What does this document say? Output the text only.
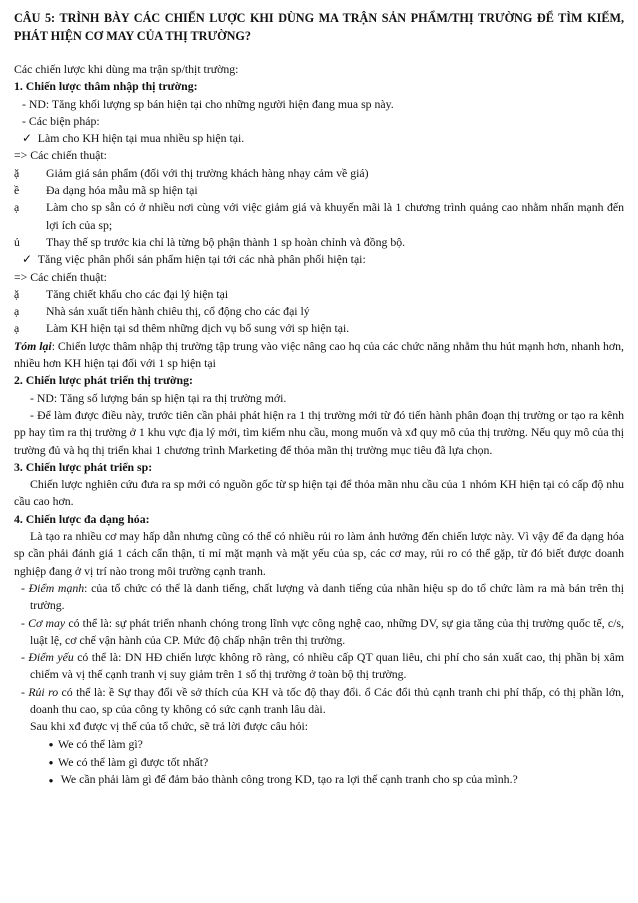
CÂU 5: TRÌNH BÀY CÁC CHIẾN LƯỢC KHI DÙNG MA TRẬN SẢN PHẨM/THỊ TRƯỜNG ĐỂ TÌM KIẾM, PHÁT HIỆN CƠ MAY CỦA THỊ TRƯỜNG?

Các chiến lược khi dùng ma trận sp/thịt trường:

1. Chiến lược thâm nhập thị trường:

- ND: Tăng khối lượng sp bán hiện tại cho những người hiện đang mua sp này.

- Các biện pháp:

✓ Làm cho KH hiện tại mua nhiều sp hiện tại.

=> Các chiến thuật:

ặ Giảm giá sản phẩm (đối với thị trường khách hàng nhạy cảm về giá)

ề Đa dạng hóa mẫu mã sp hiện tại

ạ Làm cho sp sẵn có ở nhiều nơi cùng với việc giảm giá và khuyến mãi là 1 chương trình quảng cao nhằm nhấn mạnh đến lợi ích của sp;

ủ Thay thế sp trước kia chỉ là từng bộ phận thành 1 sp hoàn chỉnh và đồng bộ.

✓ Tăng việc phân phối sản phẩm hiện tại tới các nhà phân phối hiện tại:

=> Các chiến thuật:

ặ Tăng chiết khấu cho các đại lý hiện tại

ạ Nhà sản xuất tiến hành chiêu thị, cổ động cho các đại lý

ạ Làm KH hiện tại sd thêm những dịch vụ bổ sung với sp hiện tại.

Tóm lại: Chiến lược thâm nhập thị trường tập trung vào việc nâng cao hq của các chức năng nhằm thu hút mạnh hơn, nhanh hơn, nhiều hơn KH hiện tại đối với 1 sp hiện tại

2. Chiến lược phát triển thị trường:

- ND: Tăng số lượng bán sp hiện tại ra thị trường mới.

- Để làm được điều này, trước tiên cần phải phát hiện ra 1 thị trường mới từ đó tiến hành phân đoạn thị trường or tạo ra kênh pp hay tìm ra thị trường ở 1 khu vực địa lý mới, tìm kiếm nhu cầu, mong muốn và xđ quy mô của thị trường. Nếu quy mô của thị trường đủ và hq thị triển khai 1 chương trình Marketing để thỏa mãn thị trường mục tiêu đã lựa chọn.

3. Chiến lược phát triển sp:

Chiến lược nghiên cứu đưa ra sp mới có nguồn gốc từ sp hiện tại để thỏa mãn nhu cầu của 1 nhóm KH hiện tại có cấp độ nhu cầu cao hơn.

4. Chiến lược đa dạng hóa:

Là tạo ra nhiều cơ may hấp dẫn nhưng cũng có thể có nhiều rủi ro làm ảnh hưởng đến chiến lược này. Vì vậy để đa dạng hóa sp cần phải đánh giá 1 cách cẩn thận, tỉ mỉ mặt mạnh và mặt yếu của sp, các cơ may, rủi ro có thể gặp, từ đó biết được doanh nghiệp đang ở vị trí nào trong môi trường cạnh tranh.

- Điểm mạnh: của tổ chức có thể là danh tiếng, chất lượng và danh tiếng của nhãn hiệu sp do tổ chức làm ra mà bán trên thị trường.

- Cơ may có thể là: sự phát triển nhanh chóng trong lĩnh vực công nghệ cao, những DV, sự gia tăng của thị trường quốc tế, c/s, luật lệ, cơ chế vận hành của CP. Mức độ chấp nhận trên thị trường.

- Điểm yếu có thể là: DN HĐ chiến lược không rõ ràng, có nhiều cấp QT quan liêu, chi phí cho sản xuất cao, thị phần bị xâm chiếm và vị thế cạnh tranh vị suy giảm trên 1 số thị trường ở toàn bộ thị trường.

- Rủi ro có thể là: ề Sự thay đổi về sở thích của KH và tốc độ thay đổi. ổ Các đổi thủ cạnh tranh chi phí thấp, có thị phần lớn, doanh thu cao, sp của công ty không có sức cạnh tranh lâu dài.

Sau khi xđ được vị thế của tổ chức, sẽ trả lời được câu hỏi:

● We có thể làm gì?

● We có thể làm gì được tốt nhất?

● We cần phải làm gì để đảm bảo thành công trong KD, tạo ra lợi thế cạnh tranh cho sp của mình.?
